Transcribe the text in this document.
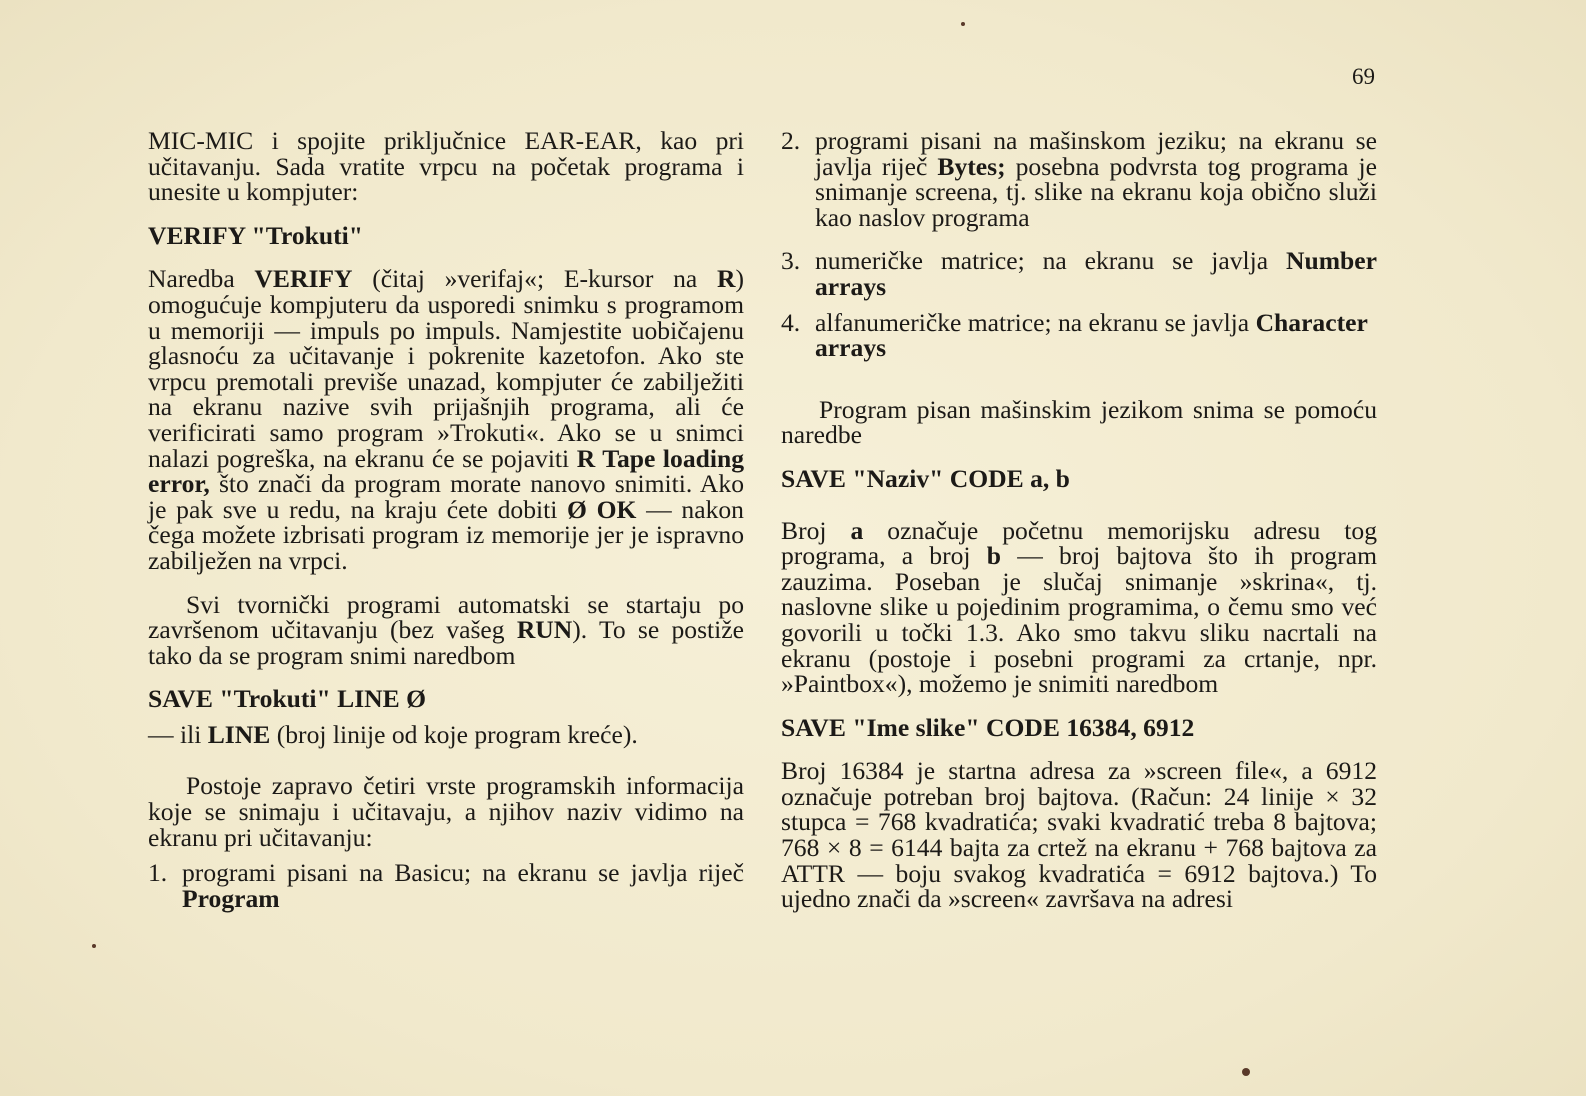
69

MIC-MIC i spojite priključnice EAR-EAR, kao pri učitavanju. Sada vratite vrpcu na početak programa i unesite u kompjuter:

VERIFY "Trokuti"

Naredba VERIFY (čitaj »verifaj«; E-kursor na R) omogućuje kompjuteru da usporedi snimku s programom u memoriji — impuls po impuls. Namjestite uobičajenu glasnoću za učitavanje i pokrenite kazetofon. Ako ste vrpcu premotali previše unazad, kompjuter će zabilježiti na ekranu nazive svih prijašnjih programa, ali će verificirati samo program »Trokuti«. Ako se u snimci nalazi pogreška, na ekranu će se pojaviti R Tape loading error, što znači da program morate nanovo snimiti. Ako je pak sve u redu, na kraju ćete dobiti Ø OK — nakon čega možete izbrisati program iz memorije jer je ispravno zabilježen na vrpci.

Svi tvornički programi automatski se startaju po završenom učitavanju (bez vašeg RUN). To se postiže tako da se program snimi naredbom

SAVE "Trokuti" LINE Ø

— ili LINE (broj linije od koje program kreće).

Postoje zapravo četiri vrste programskih informacija koje se snimaju i učitavaju, a njihov naziv vidimo na ekranu pri učitavanju:

1. programi pisani na Basicu; na ekranu se javlja riječ Program
2. programi pisani na mašinskom jeziku; na ekranu se javlja riječ Bytes; posebna podvrsta tog programa je snimanje screena, tj. slike na ekranu koja obično služi kao naslov programa
3. numeričke matrice; na ekranu se javlja Number arrays
4. alfanumeričke matrice; na ekranu se javlja Character arrays

Program pisan mašinskim jezikom snima se pomoću naredbe

SAVE "Naziv" CODE a, b

Broj a označuje početnu memorijsku adresu tog programa, a broj b — broj bajtova što ih program zauzima. Poseban je slučaj snimanje »skrina«, tj. naslovne slike u pojedinim programima, o čemu smo već govorili u točki 1.3. Ako smo takvu sliku nacrtali na ekranu (postoje i posebni programi za crtanje, npr. »Paintbox«), možemo je snimiti naredbom

SAVE "Ime slike" CODE 16384, 6912

Broj 16384 je startna adresa za »screen file«, a 6912 označuje potreban broj bajtova. (Račun: 24 linije × 32 stupca = 768 kvadratića; svaki kvadratić treba 8 bajtova; 768 × 8 = 6144 bajta za crtež na ekranu + 768 bajtova za ATTR — boju svakog kvadratića = 6912 bajtova.) To ujedno znači da »screen« završava na adresi
